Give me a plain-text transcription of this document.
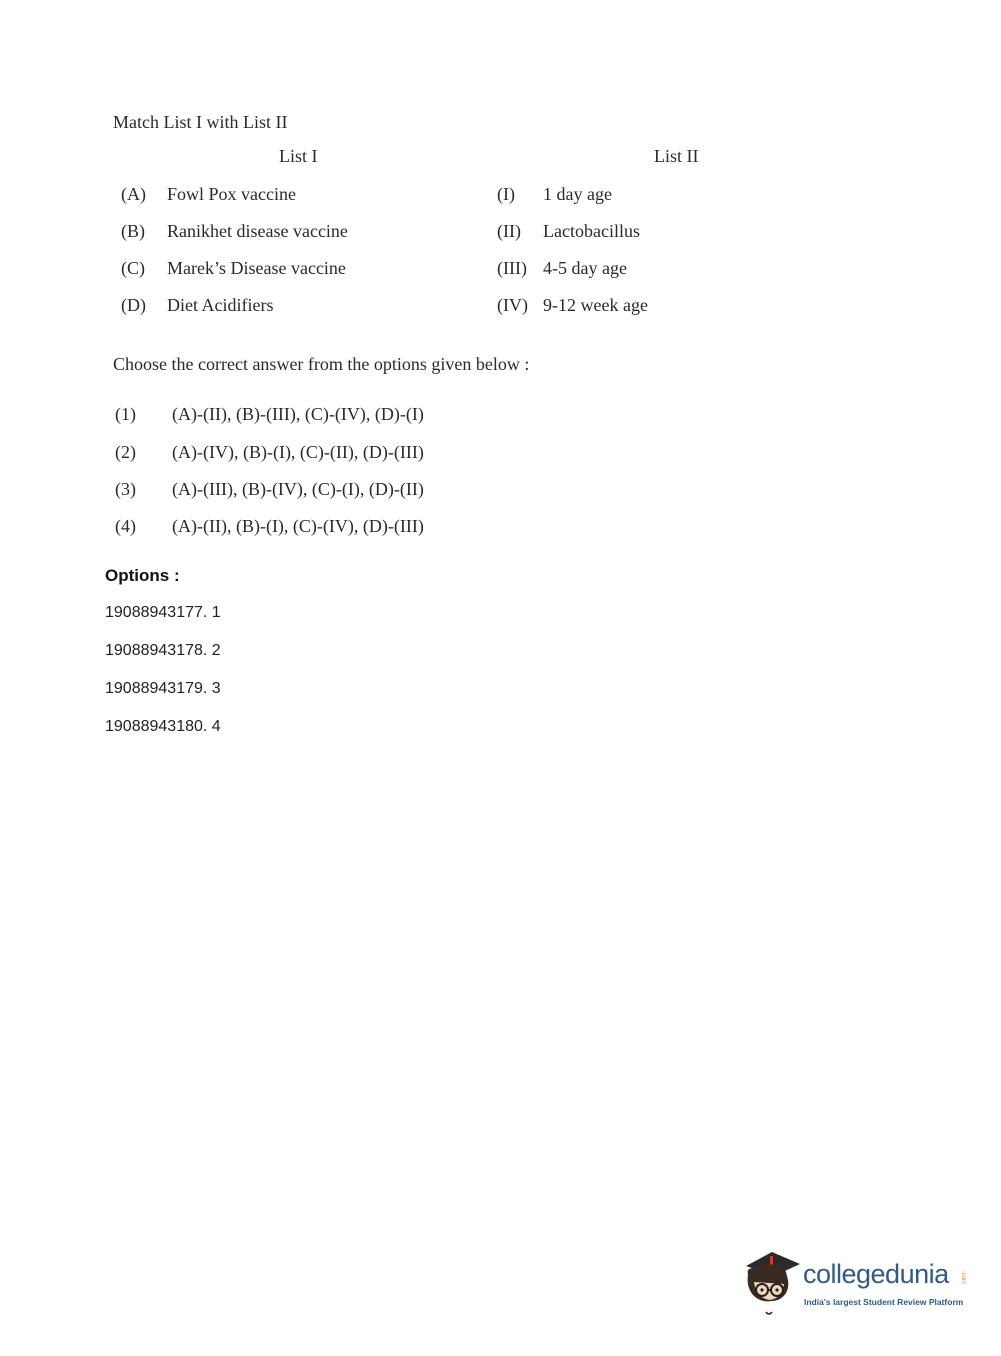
Match List I with List II
List I	List II
(A) Fowl Pox vaccine	(I) 1 day age
(B) Ranikhet disease vaccine	(II) Lactobacillus
(C) Marek’s Disease vaccine	(III) 4-5 day age
(D) Diet Acidifiers	(IV) 9-12 week age
Choose the correct answer from the options given below :
(1) (A)-(II), (B)-(III), (C)-(IV), (D)-(I)
(2) (A)-(IV), (B)-(I), (C)-(II), (D)-(III)
(3) (A)-(III), (B)-(IV), (C)-(I), (D)-(II)
(4) (A)-(II), (B)-(I), (C)-(IV), (D)-(III)
Options :
19088943177. 1
19088943178. 2
19088943179. 3
19088943180. 4
collegedunia .com
India's largest Student Review Platform
